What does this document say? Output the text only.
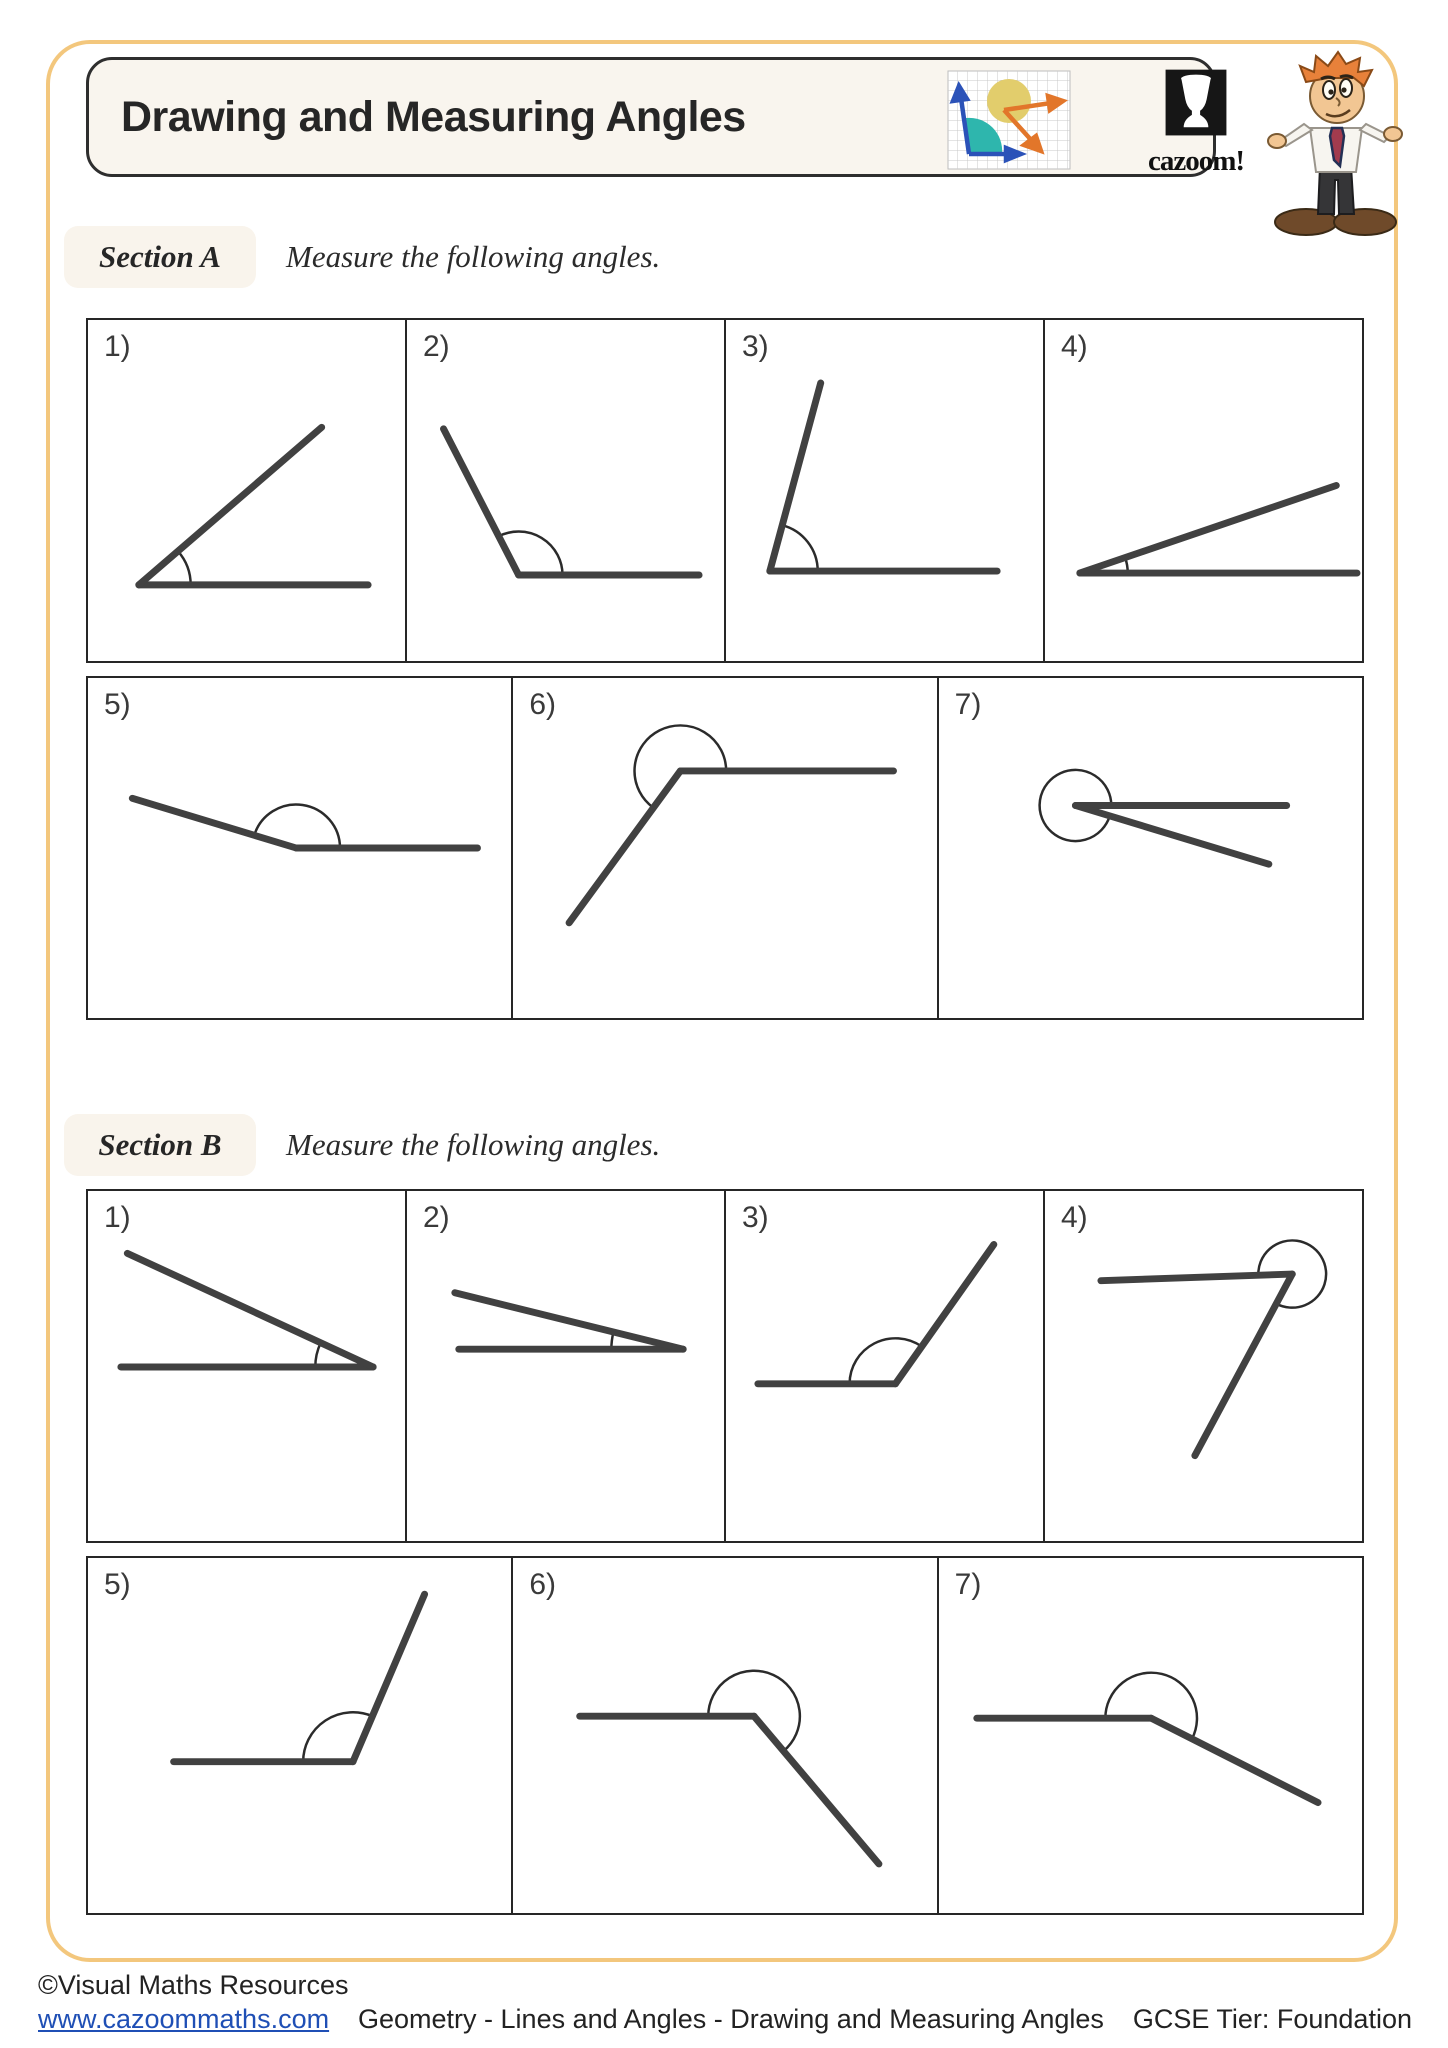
Drawing and Measuring Angles
cazoom!
Section A	Measure the following angles.
1)	2)	3)	4)
5)	6)	7)
Section B	Measure the following angles.
1)	2)	3)	4)
5)	6)	7)
©Visual Maths Resources
www.cazoommaths.com Geometry - Lines and Angles - Drawing and Measuring Angles GCSE Tier: Foundation
